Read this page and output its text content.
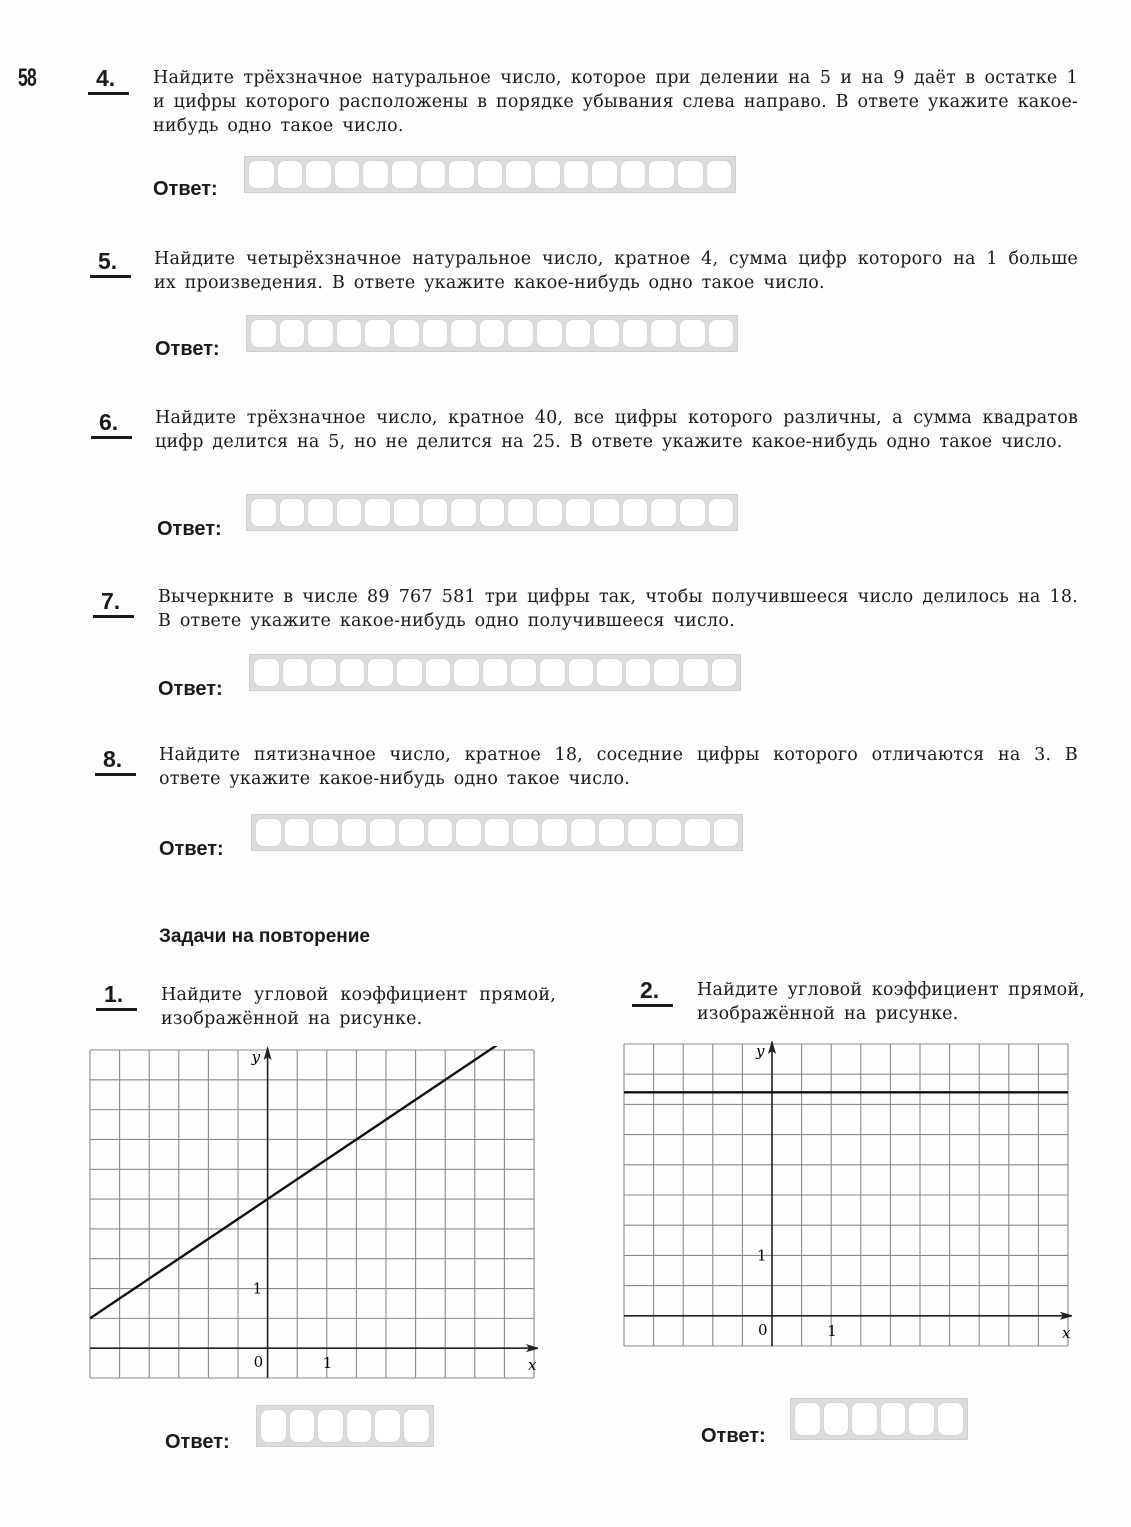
58	4.	Найдите трёхзначное натуральное число, которое при делении на 5 и на 9 даёт в остатке 1 и цифры которого расположены в порядке убывания слева направо. В ответе укажите какое-нибудь одно такое число.
Ответ:
5.	Найдите четырёхзначное натуральное число, кратное 4, сумма цифр которого на 1 больше их произведения. В ответе укажите какое-нибудь одно такое число.
Ответ:
6.	Найдите трёхзначное число, кратное 40, все цифры которого различны, а сумма квадратов цифр делится на 5, но не делится на 25. В ответе укажите какое-нибудь одно такое число.
Ответ:
7.	Вычеркните в числе 89 767 581 три цифры так, чтобы получившееся число делилось на 18. В ответе укажите какое-нибудь одно получившееся число.
Ответ:
8.	Найдите пятизначное число, кратное 18, соседние цифры которого отличаются на 3. В ответе укажите какое-нибудь одно такое число.
Ответ:
Задачи на повторение
1.	Найдите угловой коэффициент прямой, изображённой на рисунке.
Ответ:
2.	Найдите угловой коэффициент прямой, изображённой на рисунке.
Ответ:
x
y
0	1
1
x
y
0	1
1
